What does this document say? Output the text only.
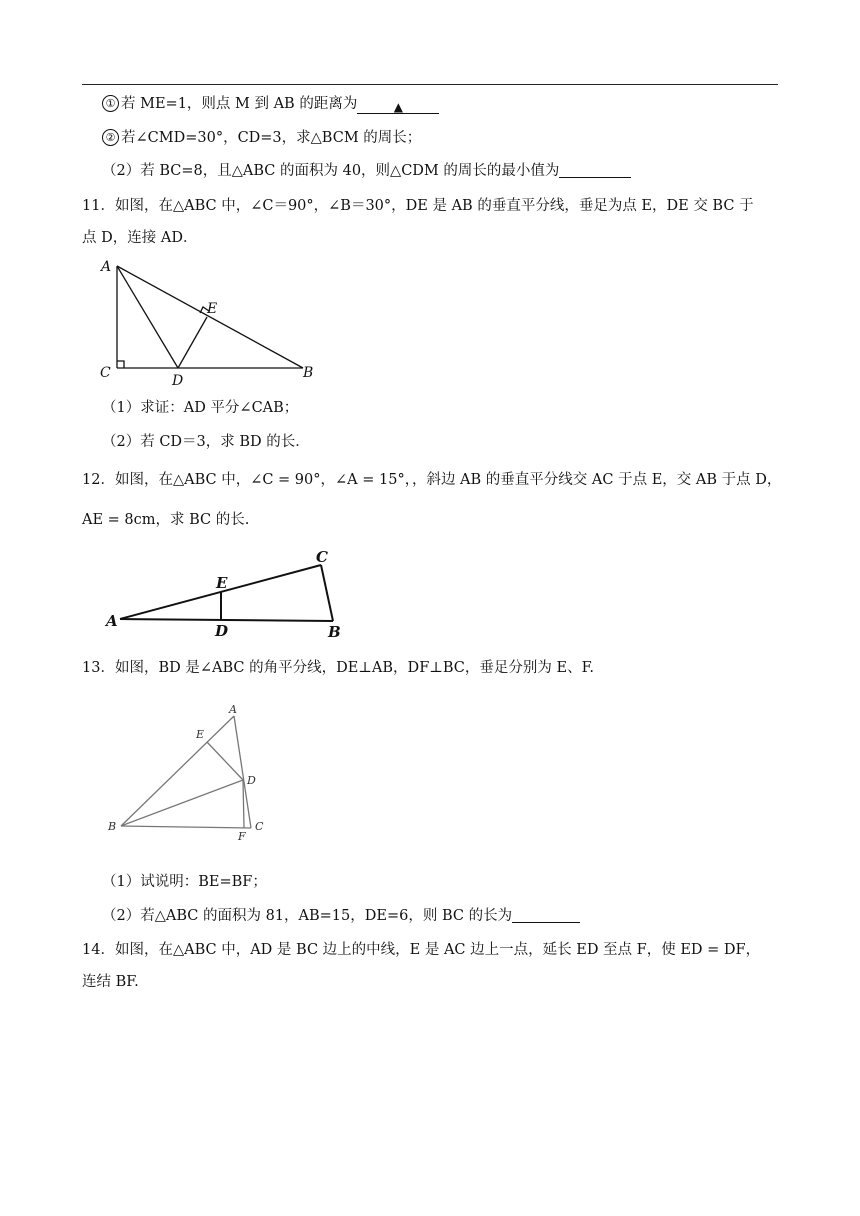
① 若 ME=1，则点 M 到 AB 的距离为	▲
② 若∠CMD=30°，CD=3，求△BCM 的周长；
（2）若 BC=8，且△ABC 的面积为 40，则△CDM 的周长的最小值为
11．如图，在△ABC 中，∠C＝90°，∠B＝30°，DE 是 AB 的垂直平分线，垂足为点 E，DE 交 BC 于
点 D，连接 AD．
A
E
C	D	B
（1）求证：AD 平分∠CAB；
（2）若 CD＝3，求 BD 的长．
12．如图，在△ABC 中，∠C = 90°，∠A = 15°，，斜边 AB 的垂直平分线交 AC 于点 E，交 AB 于点 D，
AE = 8cm，求 BC 的长.
A
E
D
C
B
13．如图，BD 是∠ABC 的角平分线，DE⊥AB，DF⊥BC，垂足分别为 E、F.
A
E
D
B
F
C
（1）试说明：BE=BF；
（2）若△ABC 的面积为 81，AB=15，DE=6，则 BC 的长为
14．如图，在△ABC 中，AD 是 BC 边上的中线，E 是 AC 边上一点，延长 ED 至点 F，使 ED = DF，
连结 BF.
